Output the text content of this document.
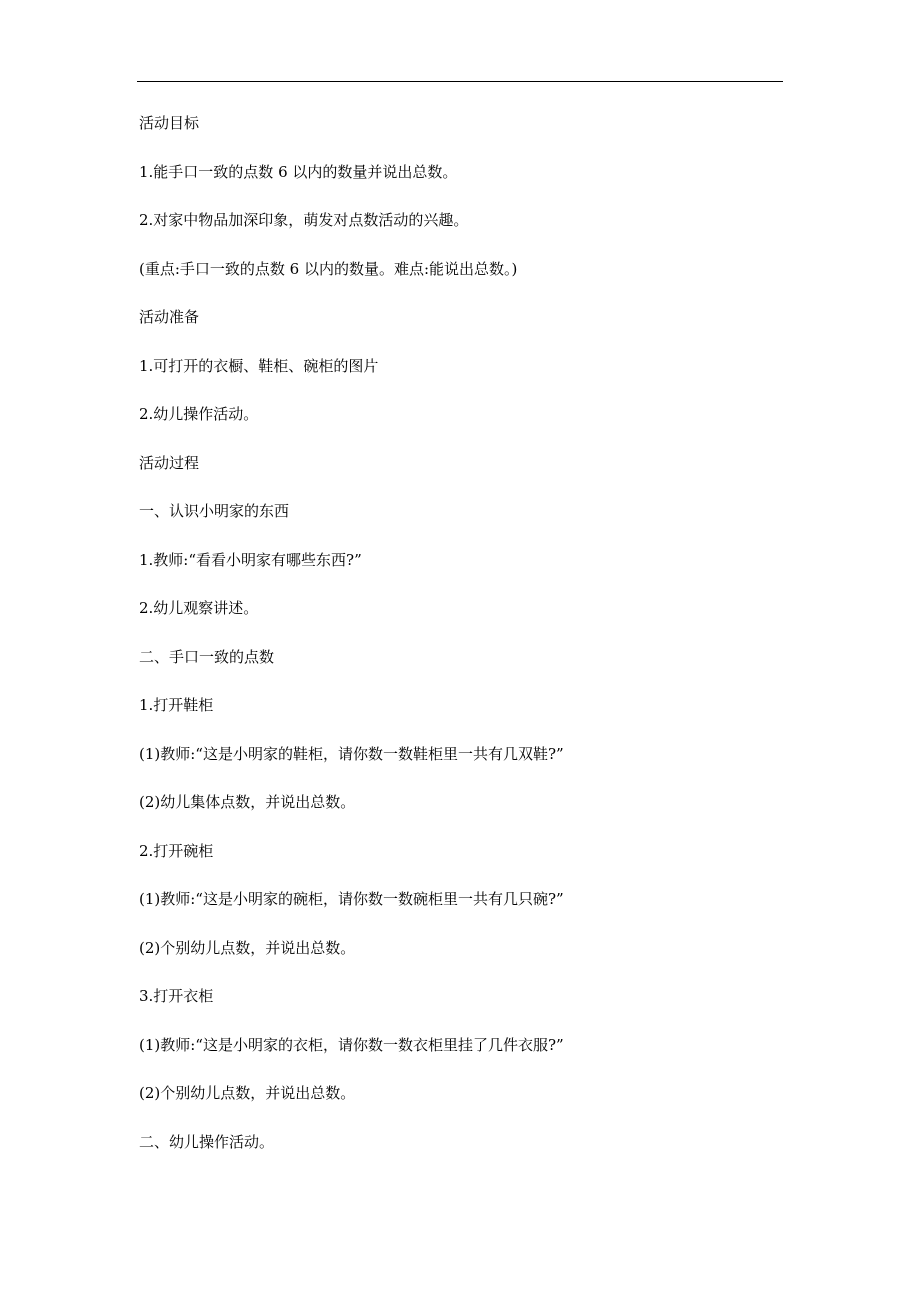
活动目标

1.能手口一致的点数 6 以内的数量并说出总数。

2.对家中物品加深印象，萌发对点数活动的兴趣。

(重点:手口一致的点数 6 以内的数量。难点:能说出总数。)

活动准备

1.可打开的衣橱、鞋柜、碗柜的图片

2.幼儿操作活动。

活动过程

一、认识小明家的东西

1.教师:“看看小明家有哪些东西?”

2.幼儿观察讲述。

二、手口一致的点数

1.打开鞋柜

(1)教师:“这是小明家的鞋柜，请你数一数鞋柜里一共有几双鞋?”

(2)幼儿集体点数，并说出总数。

2.打开碗柜

(1)教师:“这是小明家的碗柜，请你数一数碗柜里一共有几只碗?”

(2)个别幼儿点数，并说出总数。

3.打开衣柜

(1)教师:“这是小明家的衣柜，请你数一数衣柜里挂了几件衣服?”

(2)个别幼儿点数，并说出总数。

二、幼儿操作活动。
